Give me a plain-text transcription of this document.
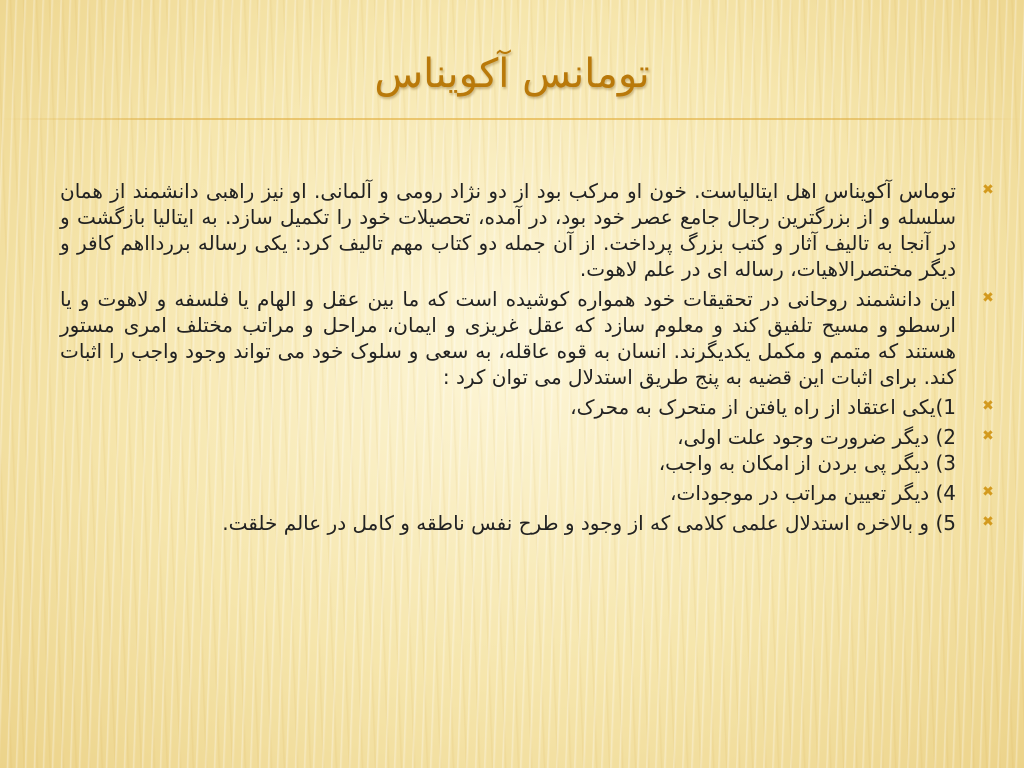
تومانس آکویناس
✖
توماس آکویناس اهل ایتالیاست. خون او مرکب بود از دو نژاد رومی و آلمانی. او نیز راهبی دانشمند از همان سلسله و از بزرگترین رجال جامع عصر خود بود، در آمده، تحصیلات خود را تکمیل سازد. به ایتالیا بازگشت و در آنجا به تالیف آثار و کتب بزرگ پرداخت. از آن جمله دو کتاب مهم تالیف کرد: یکی رساله برردااهم کافر و دیگر مختصرالاهیات، رساله ای در علم لاهوت.
✖
این دانشمند روحانی در تحقیقات خود همواره کوشیده است که ما بین عقل و الهام یا فلسفه و لاهوت و یا ارسطو و مسیح تلفیق کند و معلوم سازد که عقل غریزی و ایمان، مراحل و مراتب مختلف امری مستور هستند که متمم و مکمل یکدیگرند. انسان به قوه عاقله، به سعی و سلوک خود می تواند وجود واجب را اثبات کند. برای اثبات این قضیه به پنج طریق استدلال می توان کرد :
✖
1)یکی اعتقاد از راه یافتن از متحرک به محرک،
✖
2) دیگر ضرورت وجود علت اولی،
3) دیگر پی بردن از امکان به واجب،
✖
4) دیگر تعیین مراتب در موجودات،
✖
5) و بالاخره استدلال علمی کلامی که از وجود و طرح نفس ناطقه و کامل در عالم خلقت.
